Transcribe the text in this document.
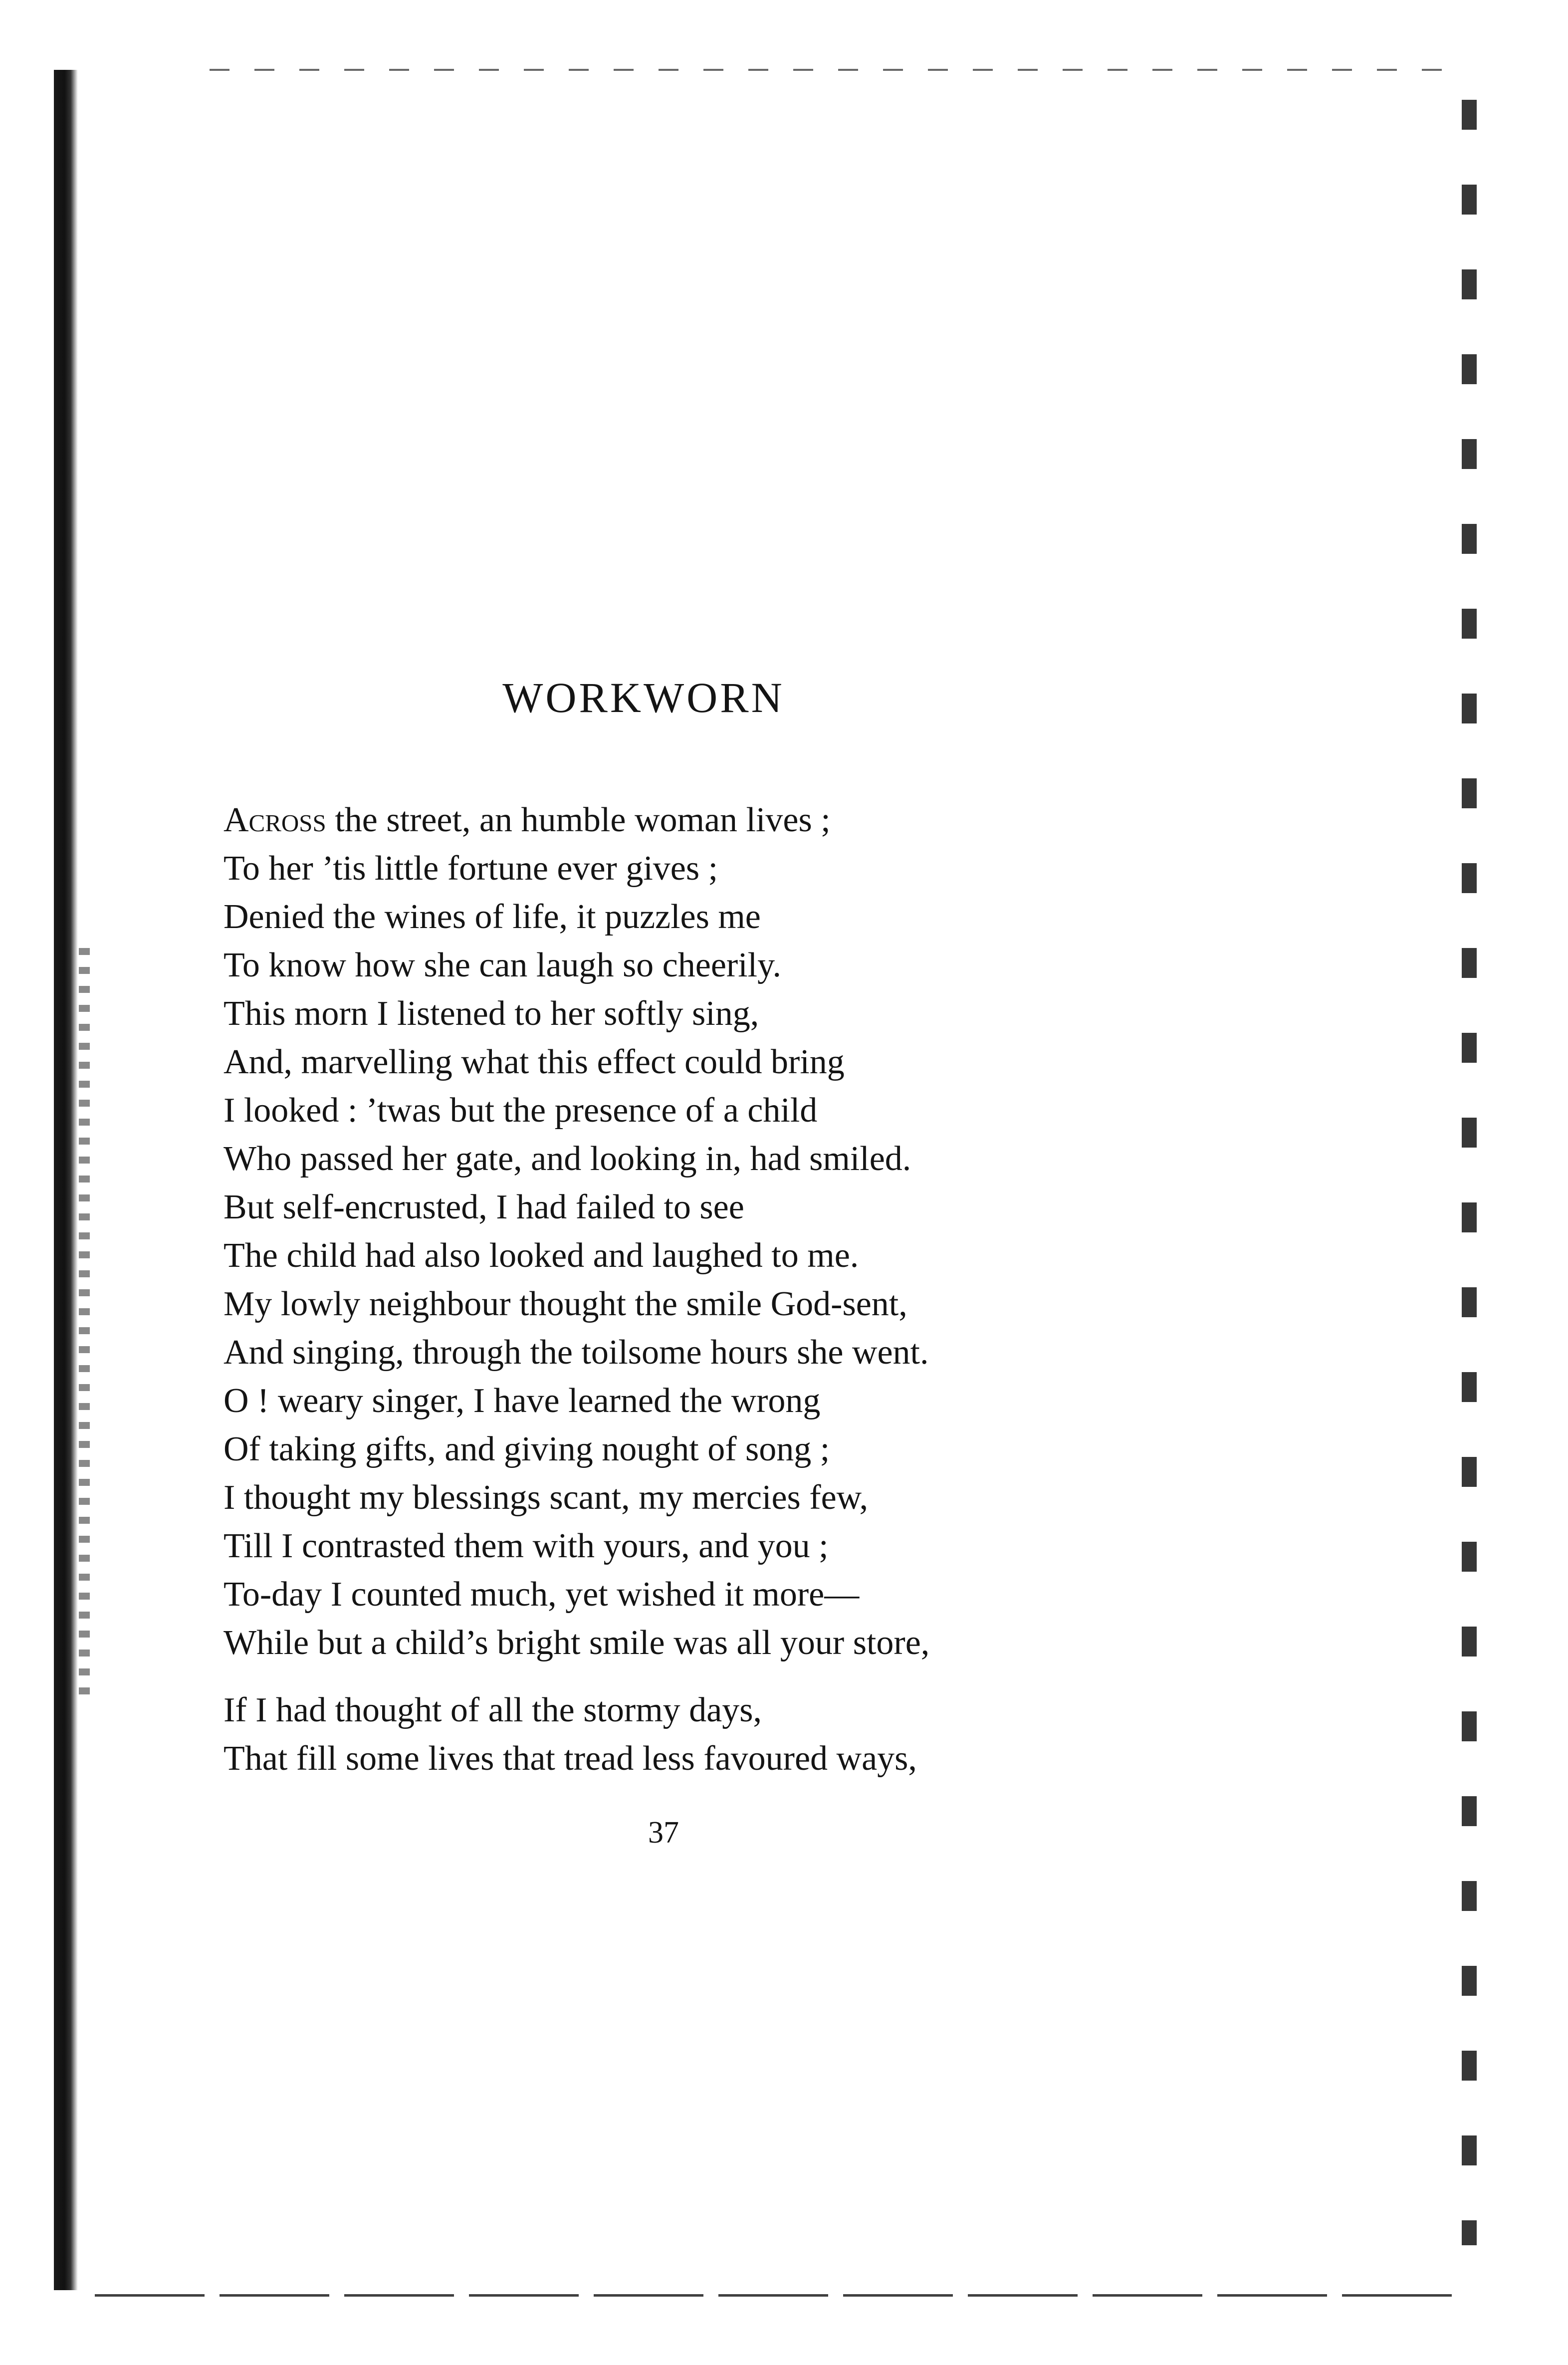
WORKWORN
Across the street, an humble woman lives ;
To her ’tis little fortune ever gives ;
Denied the wines of life, it puzzles me
To know how she can laugh so cheerily.
This morn I listened to her softly sing,
And, marvelling what this effect could bring
I looked : ’twas but the presence of a child
Who passed her gate, and looking in, had smiled.
But self-encrusted, I had failed to see
The child had also looked and laughed to me.
My lowly neighbour thought the smile God-sent,
And singing, through the toilsome hours she went.
O ! weary singer, I have learned the wrong
Of taking gifts, and giving nought of song ;
I thought my blessings scant, my mercies few,
Till I contrasted them with yours, and you ;
To-day I counted much, yet wished it more—
While but a child’s bright smile was all your store,
If I had thought of all the stormy days,
That fill some lives that tread less favoured ways,
37
